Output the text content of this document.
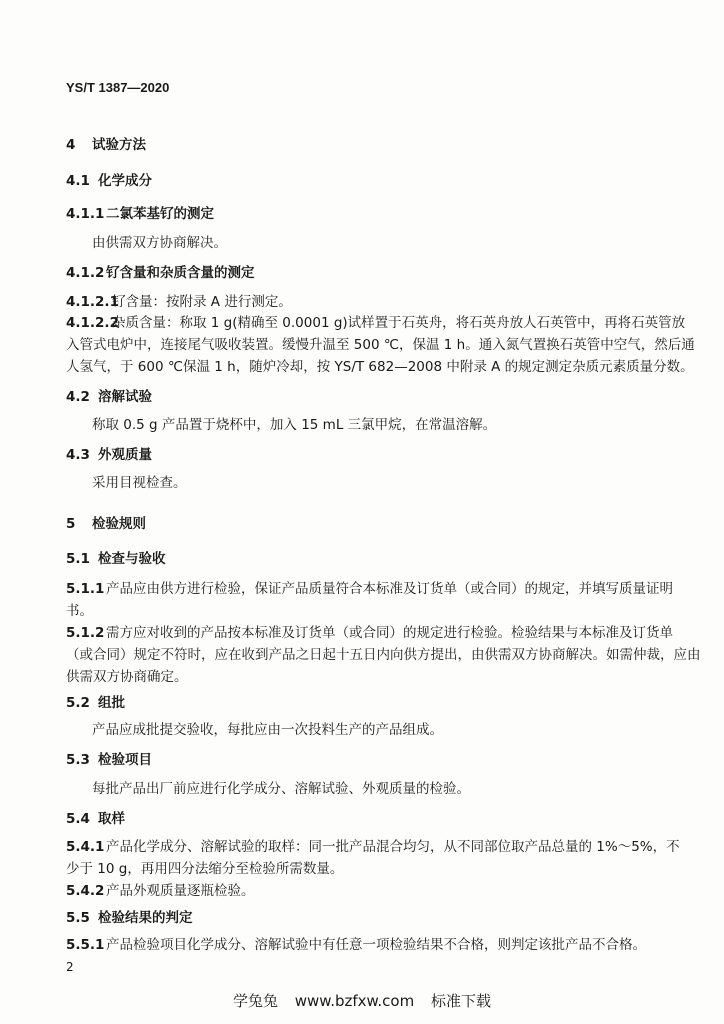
YS/T 1387—2020
4 试验方法
4.1 化学成分
4.1.1 二氯苯基钌的测定
由供需双方协商解决。
4.1.2 钌含量和杂质含量的测定
4.1.2.1钌含量：按附录 A 进行测定。
4.1.2.2杂质含量：称取 1 g(精确至 0.0001 g)试样置于石英舟，将石英舟放人石英管中，再将石英管放
入管式电炉中，连接尾气吸收装置。缓慢升温至 500 ℃，保温 1 h。通入氮气置换石英管中空气，然后通
人氢气，于 600 ℃保温 1 h，随炉冷却，按 YS/T 682—2008 中附录 A 的规定测定杂质元素质量分数。
4.2 溶解试验
称取 0.5 g 产品置于烧杯中，加入 15 mL 三氯甲烷，在常温溶解。
4.3 外观质量
采用目视检查。
5 检验规则
5.1 检查与验收
5.1.1 产品应由供方进行检验，保证产品质量符合本标准及订货单（或合同）的规定，并填写质量证明
书。
5.1.2 需方应对收到的产品按本标准及订货单（或合同）的规定进行检验。检验结果与本标准及订货单
（或合同）规定不符时，应在收到产品之日起十五日内向供方提出，由供需双方协商解决。如需仲裁，应由
供需双方协商确定。
5.2 组批
产品应成批提交验收，每批应由一次投料生产的产品组成。
5.3 检验项目
每批产品出厂前应进行化学成分、溶解试验、外观质量的检验。
5.4 取样
5.4.1 产品化学成分、溶解试验的取样：同一批产品混合均匀，从不同部位取产品总量的 1%～5%，不
少于 10 g，再用四分法缩分至检验所需数量。
5.4.2 产品外观质量逐瓶检验。
5.5 检验结果的判定
5.5.1 产品检验项目化学成分、溶解试验中有任意一项检验结果不合格，则判定该批产品不合格。
2
学兔兔 www.bzfxw.com 标准下载
